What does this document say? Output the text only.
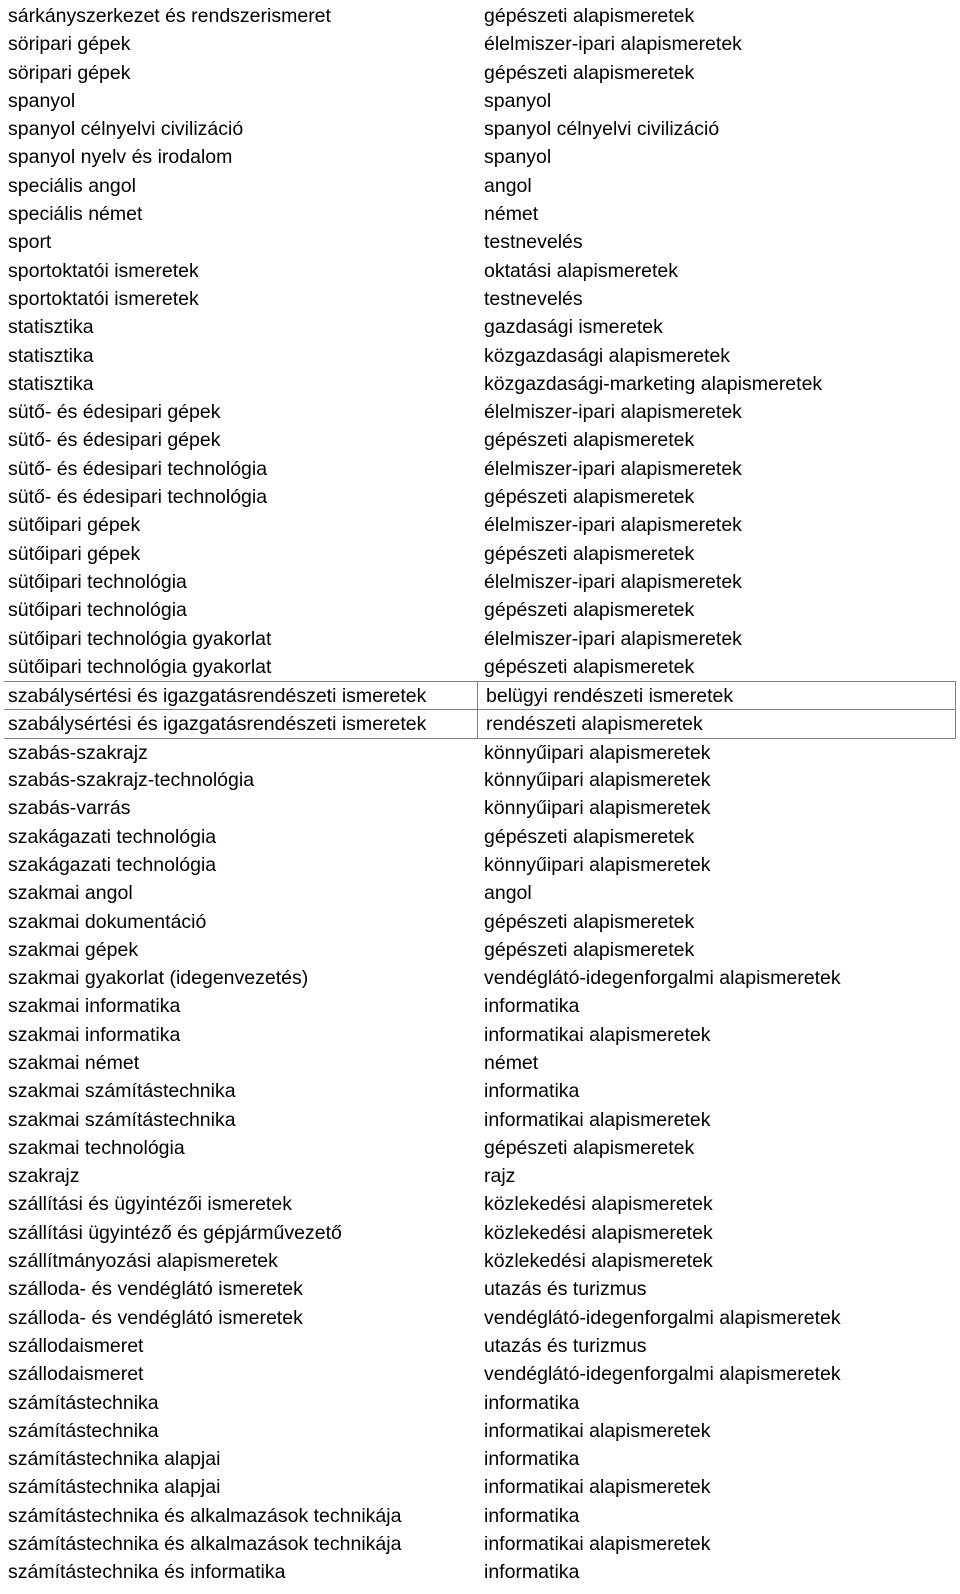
sárkányszerkezet és rendszerismeret	gépészeti alapismeretek
söripari gépek	élelmiszer-ipari alapismeretek
söripari gépek	gépészeti alapismeretek
spanyol	spanyol
spanyol célnyelvi civilizáció	spanyol célnyelvi civilizáció
spanyol nyelv és irodalom	spanyol
speciális angol	angol
speciális német	német
sport	testnevelés
sportoktatói ismeretek	oktatási alapismeretek
sportoktatói ismeretek	testnevelés
statisztika	gazdasági ismeretek
statisztika	közgazdasági alapismeretek
statisztika	közgazdasági-marketing alapismeretek
sütő- és édesipari gépek	élelmiszer-ipari alapismeretek
sütő- és édesipari gépek	gépészeti alapismeretek
sütő- és édesipari technológia	élelmiszer-ipari alapismeretek
sütő- és édesipari technológia	gépészeti alapismeretek
sütőipari gépek	élelmiszer-ipari alapismeretek
sütőipari gépek	gépészeti alapismeretek
sütőipari technológia	élelmiszer-ipari alapismeretek
sütőipari technológia	gépészeti alapismeretek
sütőipari technológia gyakorlat	élelmiszer-ipari alapismeretek
sütőipari technológia gyakorlat	gépészeti alapismeretek
szabálysértési és igazgatásrendészeti ismeretek	belügyi rendészeti ismeretek
szabálysértési és igazgatásrendészeti ismeretek	rendészeti alapismeretek
szabás-szakrajz	könnyűipari alapismeretek
szabás-szakrajz-technológia	könnyűipari alapismeretek
szabás-varrás	könnyűipari alapismeretek
szakágazati technológia	gépészeti alapismeretek
szakágazati technológia	könnyűipari alapismeretek
szakmai angol	angol
szakmai dokumentáció	gépészeti alapismeretek
szakmai gépek	gépészeti alapismeretek
szakmai gyakorlat (idegenvezetés)	vendéglátó-idegenforgalmi alapismeretek
szakmai informatika	informatika
szakmai informatika	informatikai alapismeretek
szakmai német	német
szakmai számítástechnika	informatika
szakmai számítástechnika	informatikai alapismeretek
szakmai technológia	gépészeti alapismeretek
szakrajz	rajz
szállítási és ügyintézői ismeretek	közlekedési alapismeretek
szállítási ügyintéző és gépjárművezető	közlekedési alapismeretek
szállítmányozási alapismeretek	közlekedési alapismeretek
szálloda- és vendéglátó ismeretek	utazás és turizmus
szálloda- és vendéglátó ismeretek	vendéglátó-idegenforgalmi alapismeretek
szállodaismeret	utazás és turizmus
szállodaismeret	vendéglátó-idegenforgalmi alapismeretek
számítástechnika	informatika
számítástechnika	informatikai alapismeretek
számítástechnika alapjai	informatika
számítástechnika alapjai	informatikai alapismeretek
számítástechnika és alkalmazások technikája	informatika
számítástechnika és alkalmazások technikája	informatikai alapismeretek
számítástechnika és informatika	informatika
